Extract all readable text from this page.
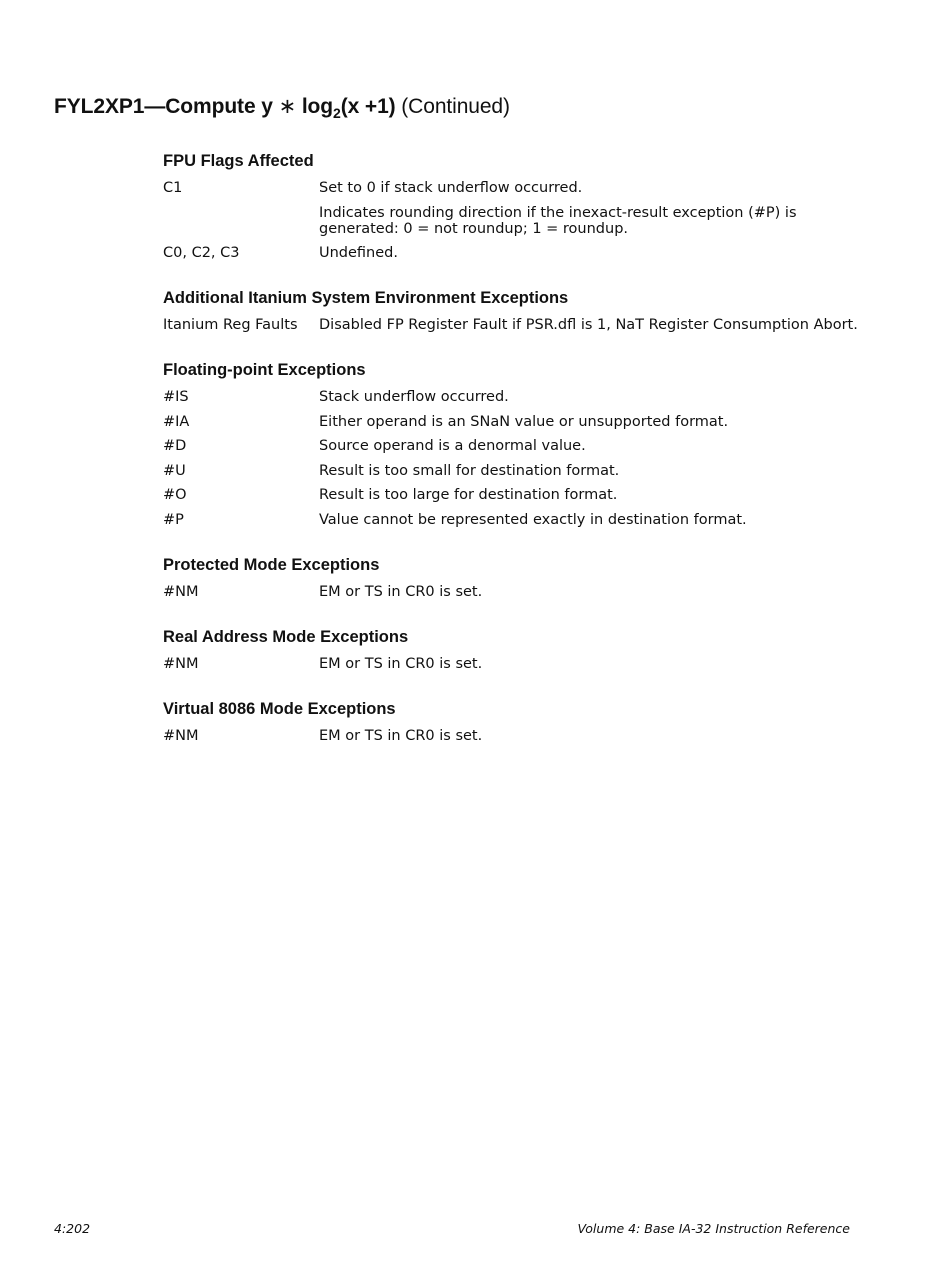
FYL2XP1—Compute y ∗ $\log_2(x +1)$ (Continued)
FPU Flags Affected
C1	Set to 0 if stack underflow occurred.

Indicates rounding direction if the inexact-result exception (#P) is generated: 0 = not roundup; 1 = roundup.

C0, C2, C3	Undefined.

Additional Itanium System Environment Exceptions
Itanium Reg Faults	Disabled FP Register Fault if PSR.dfl is 1, NaT Register Consumption Abort.

Floating-point Exceptions
#IS	Stack underflow occurred.

#IA	Either operand is an SNaN value or unsupported format.

#D	Source operand is a denormal value.

#U	Result is too small for destination format.

#O	Result is too large for destination format.

#P	Value cannot be represented exactly in destination format.

Protected Mode Exceptions
#NM	EM or TS in CR0 is set.

Real Address Mode Exceptions
#NM	EM or TS in CR0 is set.

Virtual 8086 Mode Exceptions
#NM	EM or TS in CR0 is set.

4:202	Volume 4: Base IA-32 Instruction Reference
